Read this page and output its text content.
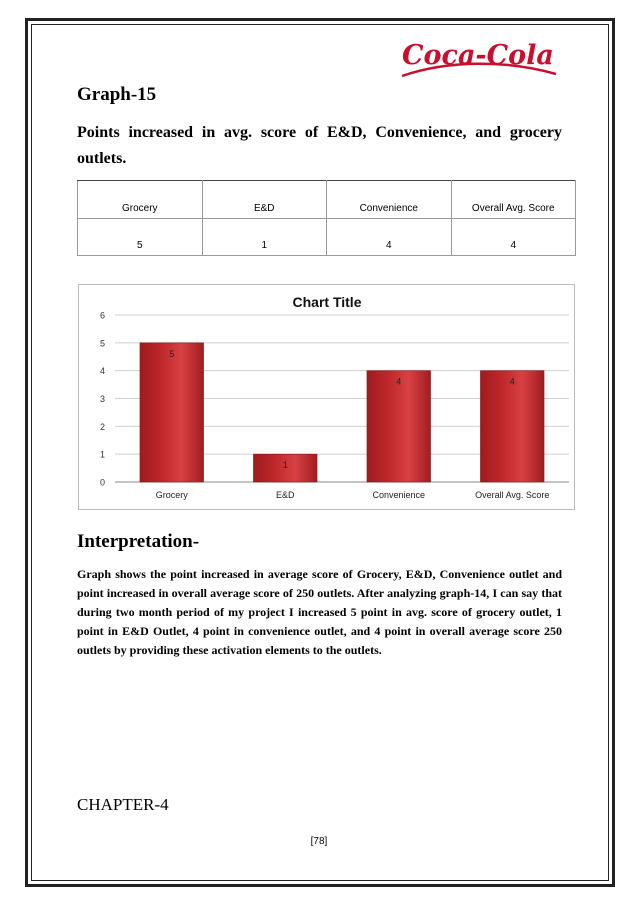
Coca-Cola
Graph-15

Points increased in avg. score of E&D, Convenience, and grocery outlets.

Grocery	E&D	Convenience	Overall Avg. Score
5	1	4	4
0
1
2
3
4
5
6
5
Grocery
1
E&D
4
Convenience
4
Overall Avg. Score
Chart Title
Interpretation-

Graph shows the point increased in average score of Grocery, E&D, Convenience outlet and point increased in overall average score of 250 outlets. After analyzing graph-14, I can say that during two month period of my project I increased 5 point in avg. score of grocery outlet, 1 point in E&D Outlet, 4 point in convenience outlet, and 4 point in overall average score 250 outlets by providing these activation elements to the outlets.

CHAPTER-4

[78]
